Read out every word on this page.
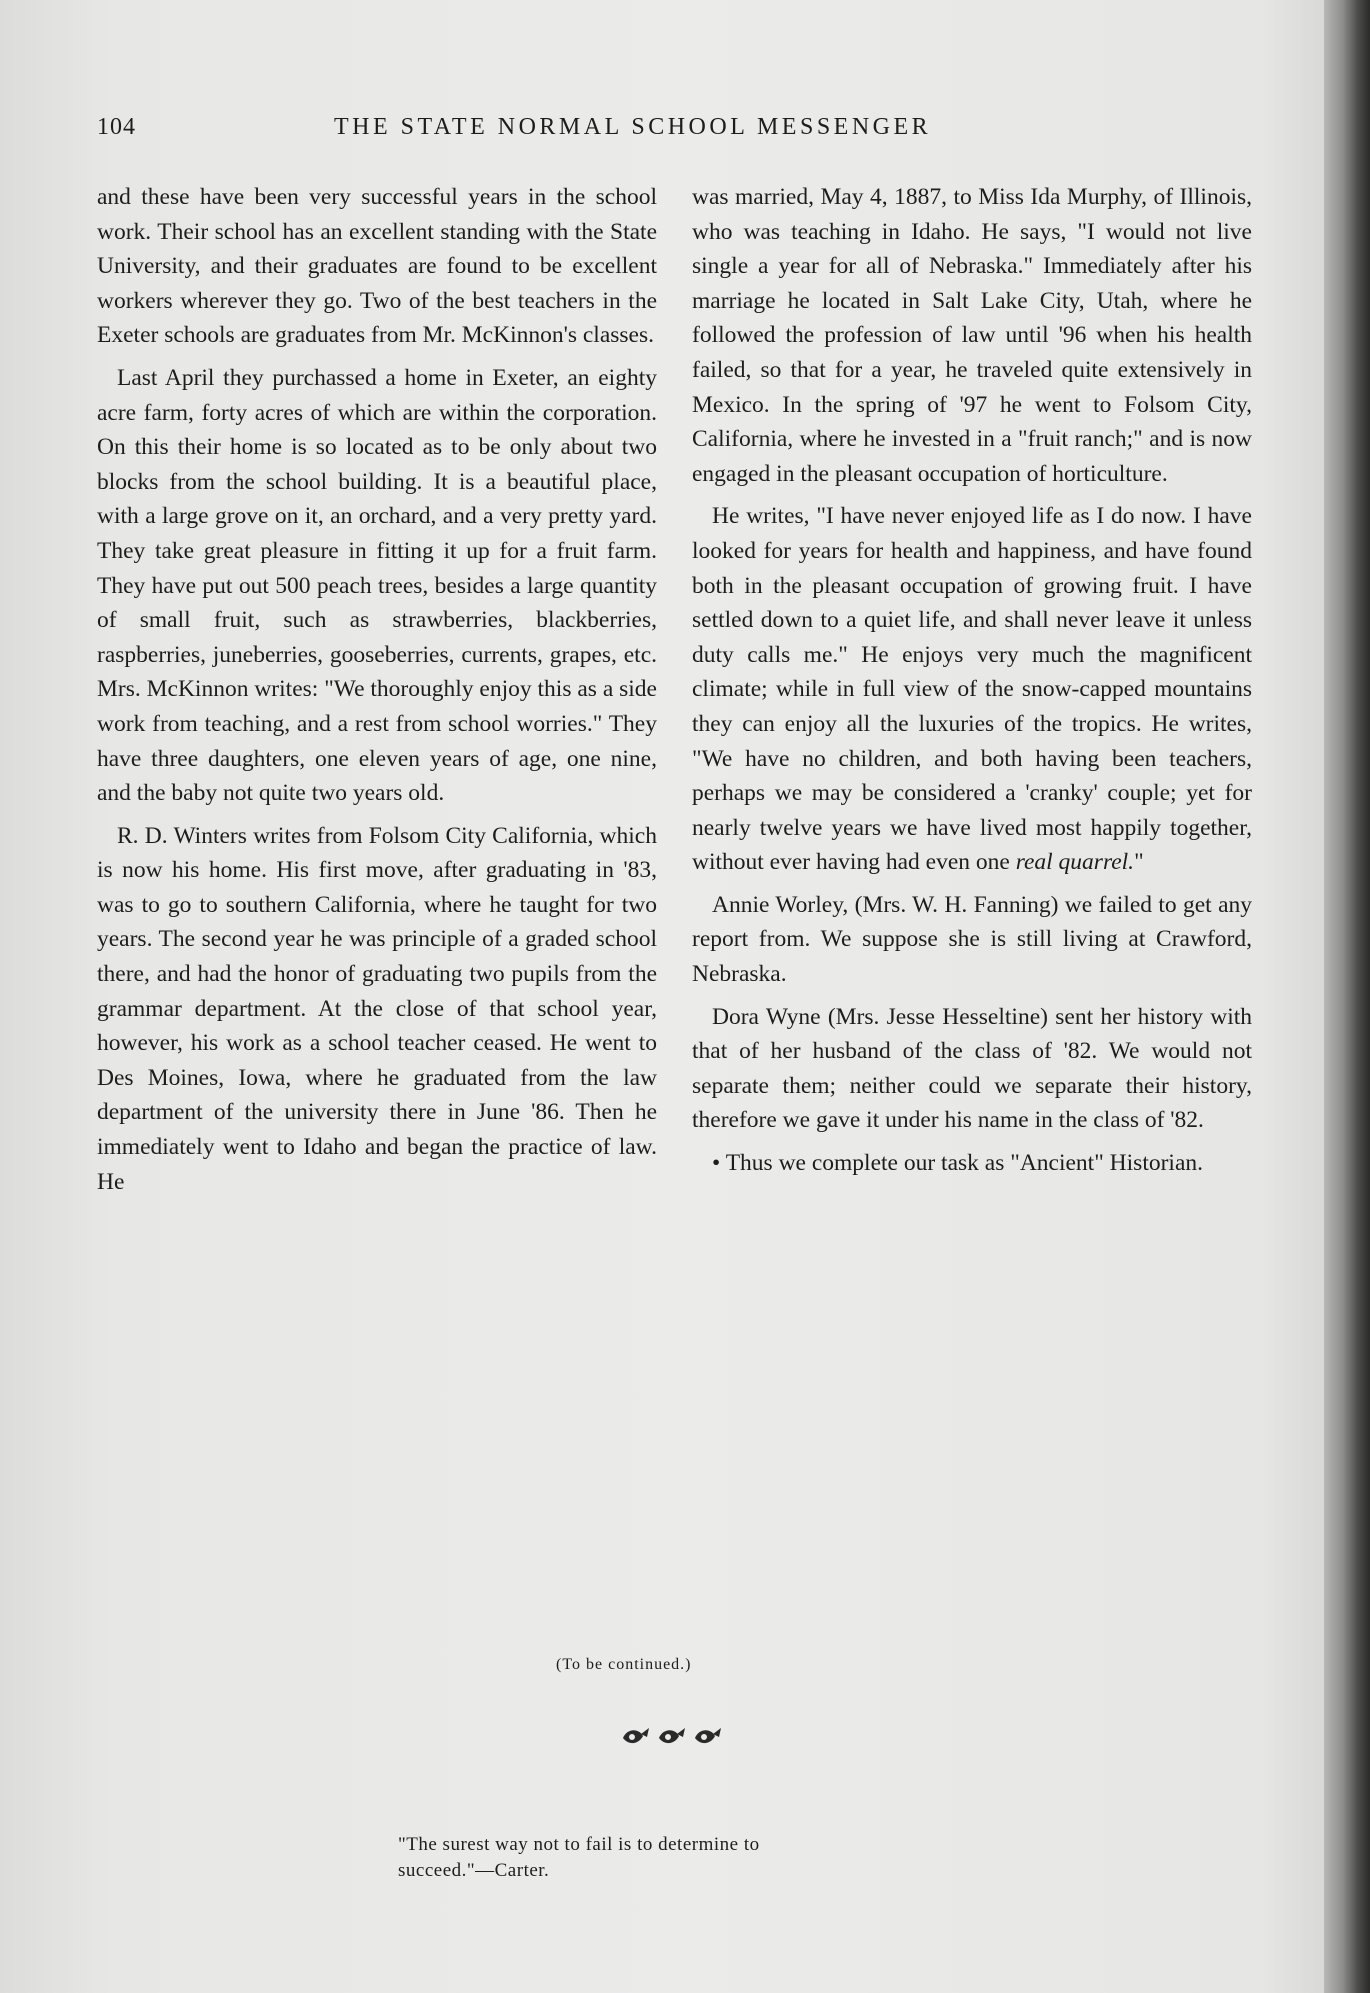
104	THE STATE NORMAL SCHOOL MESSENGER

and these have been very successful years in the school work. Their school has an excellent standing with the State University, and their graduates are found to be excellent workers wherever they go. Two of the best teachers in the Exeter schools are graduates from Mr. McKinnon's classes.

Last April they purchassed a home in Exeter, an eighty acre farm, forty acres of which are within the corporation. On this their home is so located as to be only about two blocks from the school building. It is a beautiful place, with a large grove on it, an orchard, and a very pretty yard. They take great pleasure in fitting it up for a fruit farm. They have put out 500 peach trees, besides a large quantity of small fruit, such as strawberries, blackberries, raspberries, juneberries, gooseberries, currents, grapes, etc. Mrs. McKinnon writes: "We thoroughly enjoy this as a side work from teaching, and a rest from school worries." They have three daughters, one eleven years of age, one nine, and the baby not quite two years old.

R. D. Winters writes from Folsom City California, which is now his home. His first move, after graduating in '83, was to go to southern California, where he taught for two years. The second year he was principle of a graded school there, and had the honor of graduating two pupils from the grammar department. At the close of that school year, however, his work as a school teacher ceased. He went to Des Moines, Iowa, where he graduated from the law department of the university there in June '86. Then he immediately went to Idaho and began the practice of law. He

was married, May 4, 1887, to Miss Ida Murphy, of Illinois, who was teaching in Idaho. He says, "I would not live single a year for all of Nebraska." Immediately after his marriage he located in Salt Lake City, Utah, where he followed the profession of law until '96 when his health failed, so that for a year, he traveled quite extensively in Mexico. In the spring of '97 he went to Folsom City, California, where he invested in a "fruit ranch;" and is now engaged in the pleasant occupation of horticulture.

He writes, "I have never enjoyed life as I do now. I have looked for years for health and happiness, and have found both in the pleasant occupation of growing fruit. I have settled down to a quiet life, and shall never leave it unless duty calls me." He enjoys very much the magnificent climate; while in full view of the snow-capped mountains they can enjoy all the luxuries of the tropics. He writes, "We have no children, and both having been teachers, perhaps we may be considered a 'cranky' couple; yet for nearly twelve years we have lived most happily together, without ever having had even one real quarrel."

Annie Worley, (Mrs. W. H. Fanning) we failed to get any report from. We suppose she is still living at Crawford, Nebraska.

Dora Wyne (Mrs. Jesse Hesseltine) sent her history with that of her husband of the class of '82. We would not separate them; neither could we separate their history, therefore we gave it under his name in the class of '82.

• Thus we complete our task as "Ancient" Historian.

(To be continued.)
"The surest way not to fail is to determine to
succeed."—Carter.
